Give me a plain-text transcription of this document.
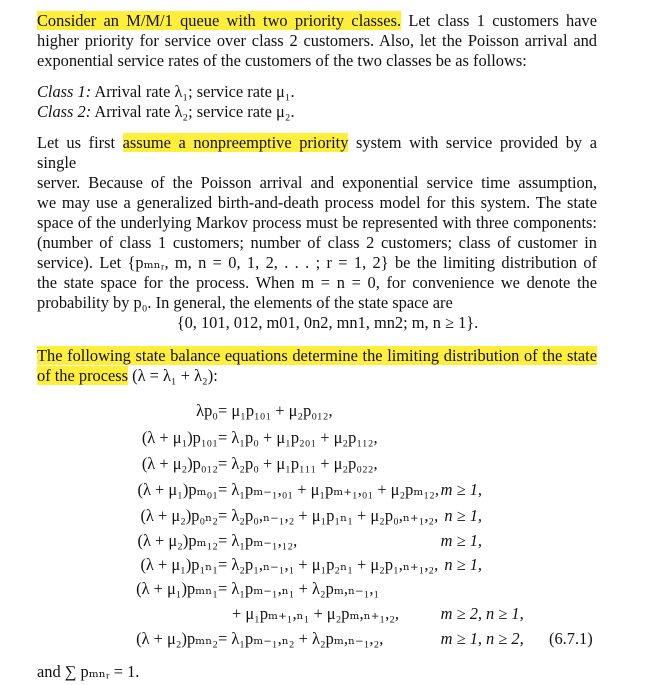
Consider an M/M/1 queue with two priority classes. Let class 1 customers have
higher priority for service over class 2 customers. Also, let the Poisson arrival and
exponential service rates of the customers of the two classes be as follows:
Class 1: Arrival rate λ₁; service rate μ₁.
Class 2: Arrival rate λ₂; service rate μ₂.
Let us first assume a nonpreemptive priority system with service provided by a single
server. Because of the Poisson arrival and exponential service time assumption,
we may use a generalized birth-and-death process model for this system. The state
space of the underlying Markov process must be represented with three components:
(number of class 1 customers; number of class 2 customers; class of customer in
service). Let {pₘₙᵣ, m, n = 0, 1, 2, . . . ; r = 1, 2} be the limiting distribution of
the state space for the process. When m = n = 0, for convenience we denote the
probability by p₀. In general, the elements of the state space are
{0, 101, 012, m01, 0n2, mn1, mn2; m, n ≥ 1}.
The following state balance equations determine the limiting distribution of the state
of the process (λ = λ₁ + λ₂):
λp₀ = μ₁p₁₀₁ + μ₂p₀₁₂,
(λ + μ₁)p₁₀₁ = λ₁p₀ + μ₁p₂₀₁ + μ₂p₁₁₂,
(λ + μ₂)p₀₁₂ = λ₂p₀ + μ₁p₁₁₁ + μ₂p₀₂₂,
(λ + μ₁)pₘ₀₁ = λ₁pₘ₋₁,₀₁ + μ₁pₘ₊₁,₀₁ + μ₂pₘ₁₂, m ≥ 1,
(λ + μ₂)p₀ₙ₂ = λ₂p₀,ₙ₋₁,₂ + μ₁p₁ₙ₁ + μ₂p₀,ₙ₊₁,₂, n ≥ 1,
(λ + μ₂)pₘ₁₂ = λ₁pₘ₋₁,₁₂,	m ≥ 1,
(λ + μ₁)p₁ₙ₁ = λ₂p₁,ₙ₋₁,₁ + μ₁p₂ₙ₁ + μ₂p₁,ₙ₊₁,₂, n ≥ 1,
(λ + μ₁)pₘₙ₁ = λ₁pₘ₋₁,ₙ₁ + λ₂pₘ,ₙ₋₁,₁
+ μ₁pₘ₊₁,ₙ₁ + μ₂pₘ,ₙ₊₁,₂,	m ≥ 2, n ≥ 1,
(λ + μ₂)pₘₙ₂ = λ₁pₘ₋₁,ₙ₂ + λ₂pₘ,ₙ₋₁,₂,	m ≥ 1, n ≥ 2, (6.7.1)
and ∑ pₘₙᵣ = 1.
